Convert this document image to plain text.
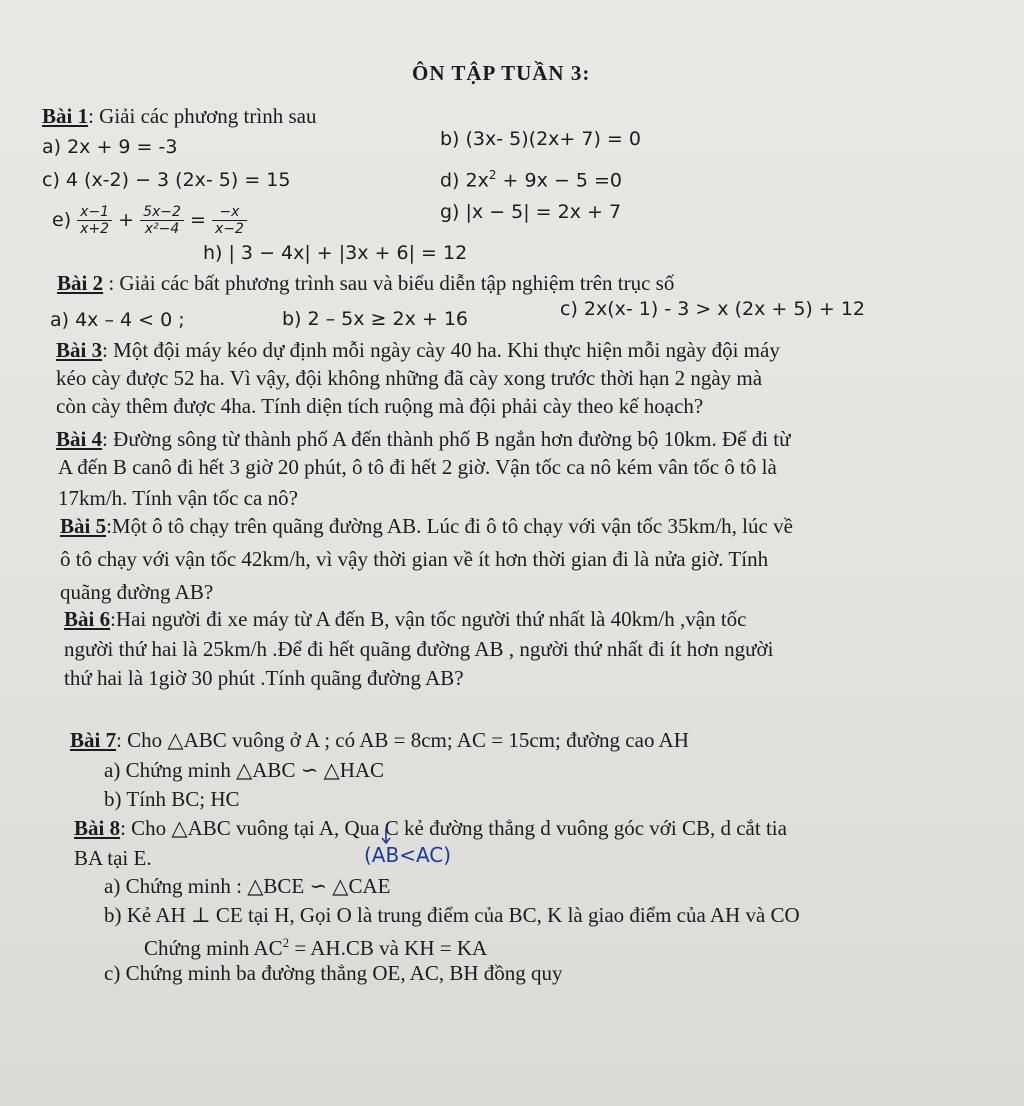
ÔN TẬP TUẦN 3:
Bài 1: Giải các phương trình sau
a) 2x + 9 = -3	b) (3x- 5)(2x+ 7) = 0
c) 4 (x-2) − 3 (2x- 5) = 15	d) $2x^2 + 9x - 5 =0$
$e) \frac{x-1}{x+2} + \frac{5x-2}{\text{x²−4}} = \frac{-x}{x-2}$	g) |x − 5| = 2x + 7
h) | 3 − 4x| + |3x + 6| = 12
Bài 2 : Giải các bất phương trình sau và biểu diễn tập nghiệm trên trục số
a) 4x – 4 < 0 ;	b) 2 – 5x ≥ 2x + 16	c) 2x(x- 1) - 3 > x (2x + 5) + 12
Bài 3: Một đội máy kéo dự định mỗi ngày cày 40 ha. Khi thực hiện mỗi ngày đội máy
kéo cày được 52 ha. Vì vậy, đội không những đã cày xong trước thời hạn 2 ngày mà
còn cày thêm được 4ha. Tính diện tích ruộng mà đội phải cày theo kế hoạch?
Bài 4: Đường sông từ thành phố A đến thành phố B ngắn hơn đường bộ 10km. Để đi từ
A đến B canô đi hết 3 giờ 20 phút, ô tô đi hết 2 giờ. Vận tốc ca nô kém vân tốc ô tô là
17km/h. Tính vận tốc ca nô?
Bài 5:Một ô tô chạy trên quãng đường AB. Lúc đi ô tô chạy với vận tốc 35km/h, lúc về
ô tô chạy với vận tốc 42km/h, vì vậy thời gian về ít hơn thời gian đi là nửa giờ. Tính
quãng đường AB?
Bài 6:Hai người đi xe máy từ A đến B, vận tốc người thứ nhất là 40km/h ,vận tốc
người thứ hai là 25km/h .Để đi hết quãng đường AB , người thứ nhất đi ít hơn người
thứ hai là 1giờ 30 phút .Tính quãng đường AB?
Bài 7: Cho △ABC vuông ở A ; có AB = 8cm; AC = 15cm; đường cao AH
a) Chứng minh △ABC ∽ △HAC
b) Tính BC; HC
Bài 8: Cho △ABC vuông tại A, Qua C kẻ đường thẳng d vuông góc với CB, d cắt tia
BA tại E.	(AB<AC)
a) Chứng minh : △BCE ∽ △CAE
b) Kẻ AH ⊥ CE tại H, Gọi O là trung điểm của BC, K là giao điểm của AH và CO
Chứng minh $AC^2 = AH.CB$ và KH = KA
c) Chứng minh ba đường thẳng OE, AC, BH đồng quy
